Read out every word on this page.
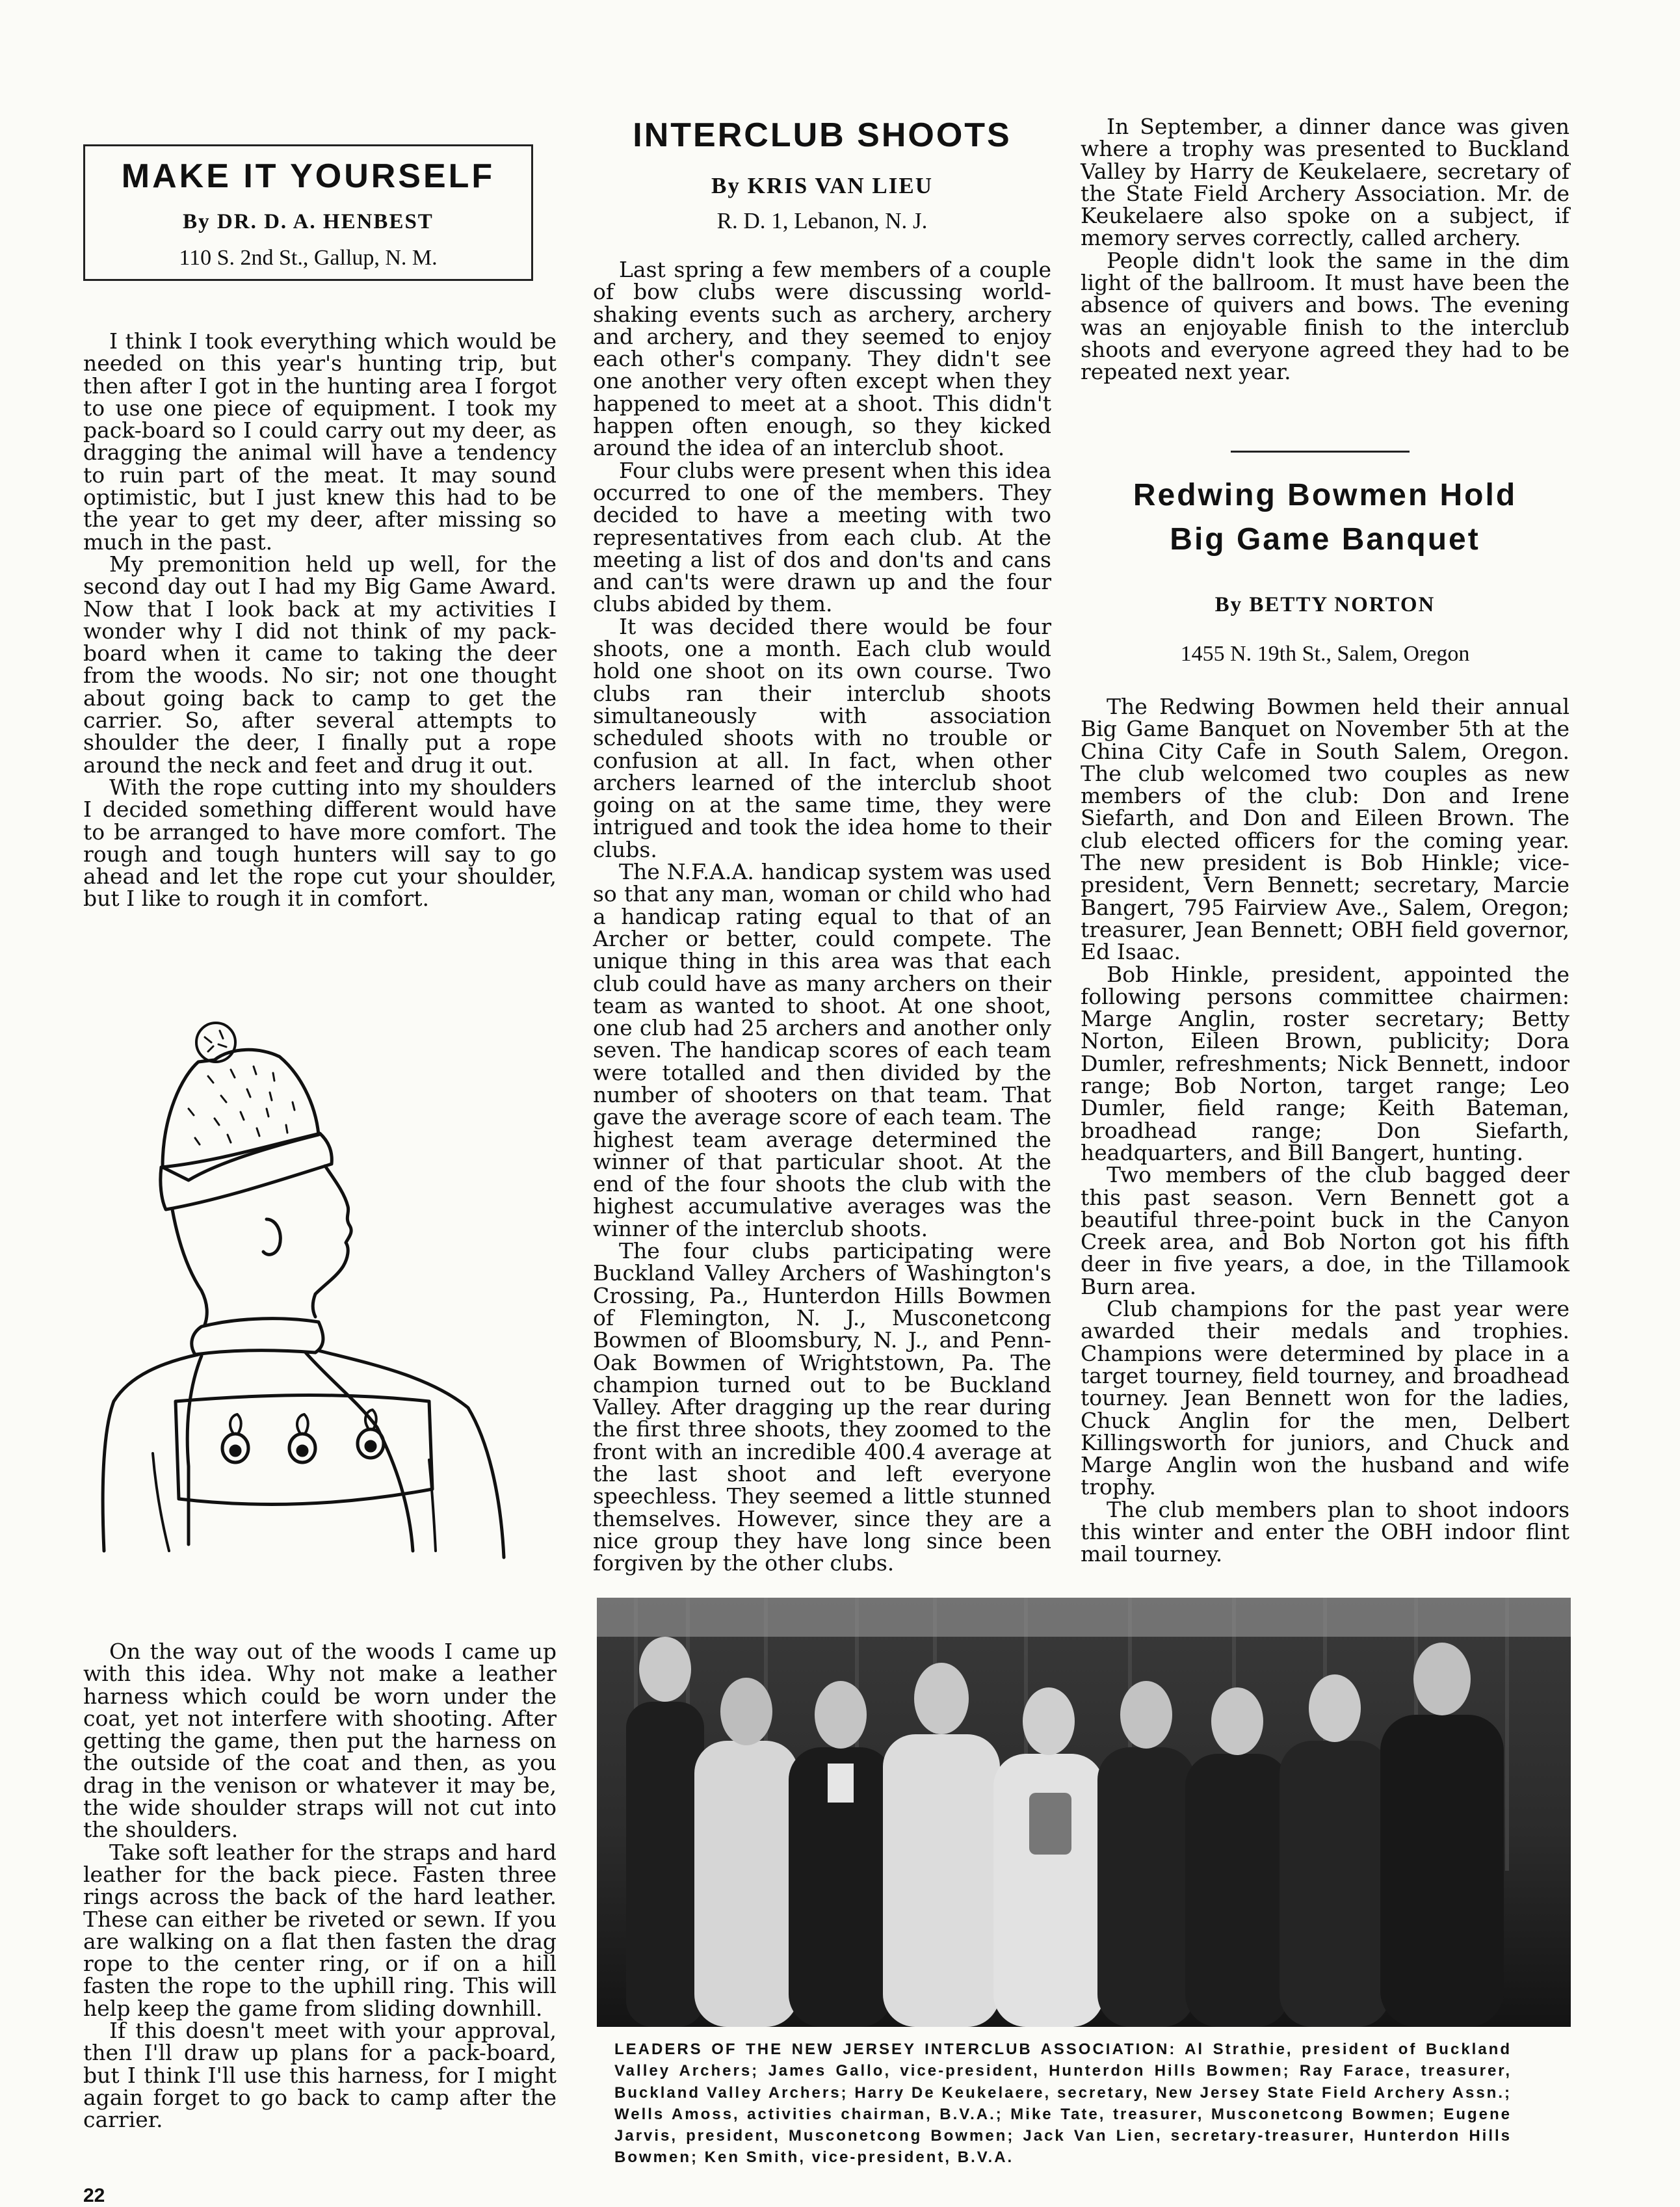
MAKE IT YOURSELF

By DR. D. A. HENBEST

110 S. 2nd St., Gallup, N. M.

I think I took everything which would be needed on this year's hunting trip, but then after I got in the hunting area I forgot to use one piece of equipment. I took my pack-board so I could carry out my deer, as dragging the animal will have a tendency to ruin part of the meat. It may sound optimistic, but I just knew this had to be the year to get my deer, after missing so much in the past.

My premonition held up well, for the second day out I had my Big Game Award. Now that I look back at my activities I wonder why I did not think of my pack-board when it came to taking the deer from the woods. No sir; not one thought about going back to camp to get the carrier. So, after several attempts to shoulder the deer, I finally put a rope around the neck and feet and drug it out.

With the rope cutting into my shoulders I decided something different would have to be arranged to have more comfort. The rough and tough hunters will say to go ahead and let the rope cut your shoulder, but I like to rough it in comfort.

On the way out of the woods I came up with this idea. Why not make a leather harness which could be worn under the coat, yet not interfere with shooting. After getting the game, then put the harness on the outside of the coat and then, as you drag in the venison or whatever it may be, the wide shoulder straps will not cut into the shoulders.

Take soft leather for the straps and hard leather for the back piece. Fasten three rings across the back of the hard leather. These can either be riveted or sewn. If you are walking on a flat then fasten the drag rope to the center ring, or if on a hill fasten the rope to the uphill ring. This will help keep the game from sliding downhill.

If this doesn't meet with your approval, then I'll draw up plans for a pack-board, but I think I'll use this harness, for I might again forget to go back to camp after the carrier.

INTERCLUB SHOOTS

By KRIS VAN LIEU

R. D. 1, Lebanon, N. J.

Last spring a few members of a couple of bow clubs were discussing world-shaking events such as archery, archery and archery, and they seemed to enjoy each other's company. They didn't see one another very often except when they happened to meet at a shoot. This didn't happen often enough, so they kicked around the idea of an interclub shoot.

Four clubs were present when this idea occurred to one of the members. They decided to have a meeting with two representatives from each club. At the meeting a list of dos and don'ts and cans and can'ts were drawn up and the four clubs abided by them.

It was decided there would be four shoots, one a month. Each club would hold one shoot on its own course. Two clubs ran their interclub shoots simultaneously with association scheduled shoots with no trouble or confusion at all. In fact, when other archers learned of the interclub shoot going on at the same time, they were intrigued and took the idea home to their clubs.

The N.F.A.A. handicap system was used so that any man, woman or child who had a handicap rating equal to that of an Archer or better, could compete. The unique thing in this area was that each club could have as many archers on their team as wanted to shoot. At one shoot, one club had 25 archers and another only seven. The handicap scores of each team were totalled and then divided by the number of shooters on that team. That gave the average score of each team. The highest team average determined the winner of that particular shoot. At the end of the four shoots the club with the highest accumulative averages was the winner of the interclub shoots.

The four clubs participating were Buckland Valley Archers of Washington's Crossing, Pa., Hunterdon Hills Bowmen of Flemington, N. J., Musconetcong Bowmen of Bloomsbury, N. J., and Penn-Oak Bowmen of Wrightstown, Pa. The champion turned out to be Buckland Valley. After dragging up the rear during the first three shoots, they zoomed to the front with an incredible 400.4 average at the last shoot and left everyone speechless. They seemed a little stunned themselves. However, since they are a nice group they have long since been forgiven by the other clubs.

In September, a dinner dance was given where a trophy was presented to Buckland Valley by Harry de Keukelaere, secretary of the State Field Archery Association. Mr. de Keukelaere also spoke on a subject, if memory serves correctly, called archery.

People didn't look the same in the dim light of the ballroom. It must have been the absence of quivers and bows. The evening was an enjoyable finish to the interclub shoots and everyone agreed they had to be repeated next year.

Redwing Bowmen Hold
Big Game Banquet

By BETTY NORTON

1455 N. 19th St., Salem, Oregon

The Redwing Bowmen held their annual Big Game Banquet on November 5th at the China City Cafe in South Salem, Oregon. The club welcomed two couples as new members of the club: Don and Irene Siefarth, and Don and Eileen Brown. The club elected officers for the coming year. The new president is Bob Hinkle; vice-president, Vern Bennett; secretary, Marcie Bangert, 795 Fairview Ave., Salem, Oregon; treasurer, Jean Bennett; OBH field governor, Ed Isaac.

Bob Hinkle, president, appointed the following persons committee chairmen: Marge Anglin, roster secretary; Betty Norton, Eileen Brown, publicity; Dora Dumler, refreshments; Nick Bennett, indoor range; Bob Norton, target range; Leo Dumler, field range; Keith Bateman, broadhead range; Don Siefarth, headquarters, and Bill Bangert, hunting.

Two members of the club bagged deer this past season. Vern Bennett got a beautiful three-point buck in the Canyon Creek area, and Bob Norton got his fifth deer in five years, a doe, in the Tillamook Burn area.

Club champions for the past year were awarded their medals and trophies. Champions were determined by place in a target tourney, field tourney, and broadhead tourney. Jean Bennett won for the ladies, Chuck Anglin for the men, Delbert Killingsworth for juniors, and Chuck and Marge Anglin won the husband and wife trophy.

The club members plan to shoot indoors this winter and enter the OBH indoor flint mail tourney.

LEADERS OF THE NEW JERSEY INTERCLUB ASSOCIATION: Al Strathie, president of Buckland Valley Archers; James Gallo, vice-president, Hunterdon Hills Bowmen; Ray Farace, treasurer, Buckland Valley Archers; Harry De Keukelaere, secretary, New Jersey State Field Archery Assn.; Wells Amoss, activities chairman, B.V.A.; Mike Tate, treasurer, Musconetcong Bowmen; Eugene Jarvis, president, Musconetcong Bowmen; Jack Van Lien, secretary-treasurer, Hunterdon Hills Bowmen; Ken Smith, vice-president, B.V.A.

22
